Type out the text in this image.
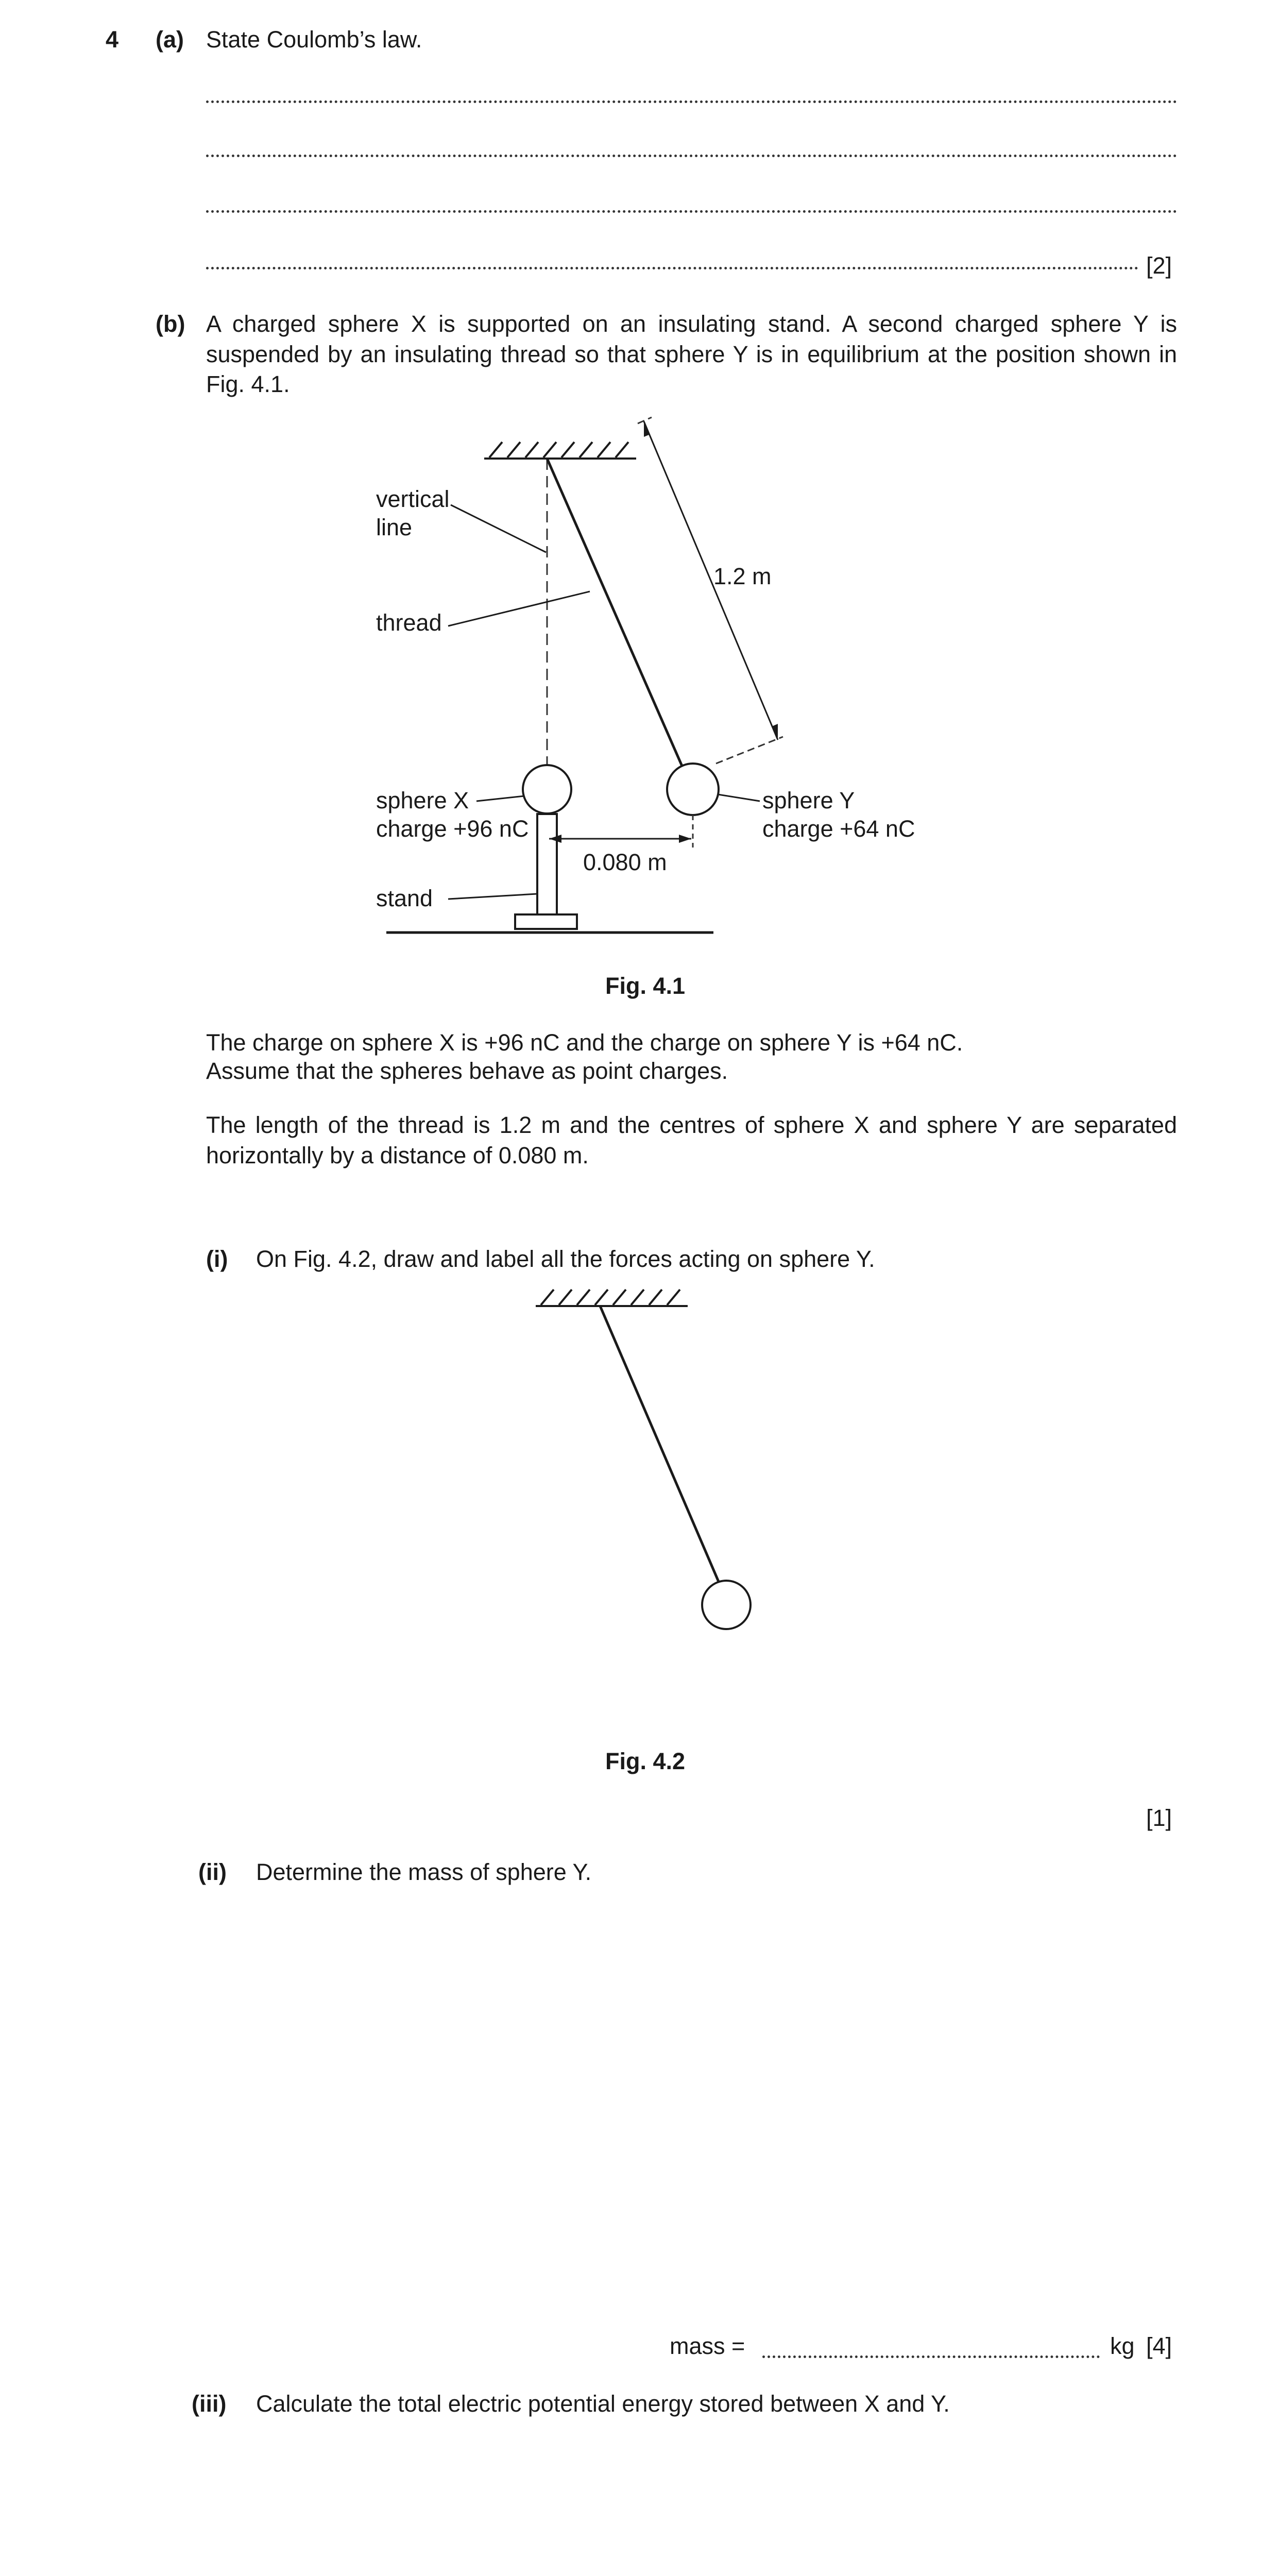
4 (a) State Coulomb’s law.
[2]
(b) A charged sphere X is supported on an insulating stand. A second charged sphere Y is suspended by an insulating thread so that sphere Y is in equilibrium at the position shown in Fig. 4.1.
vertical
line
thread
1.2 m
sphere X
charge +96 nC
sphere Y
charge +64 nC
0.080 m
stand
Fig. 4.1
The charge on sphere X is +96 nC and the charge on sphere Y is +64 nC.
Assume that the spheres behave as point charges.
The length of the thread is 1.2 m and the centres of sphere X and sphere Y are separated horizontally by a distance of 0.080 m.
(i) On Fig. 4.2, draw and label all the forces acting on sphere Y.
Fig. 4.2
[1]
(ii) Determine the mass of sphere Y.
mass =	kg [4]
(iii) Calculate the total electric potential energy stored between X and Y.
